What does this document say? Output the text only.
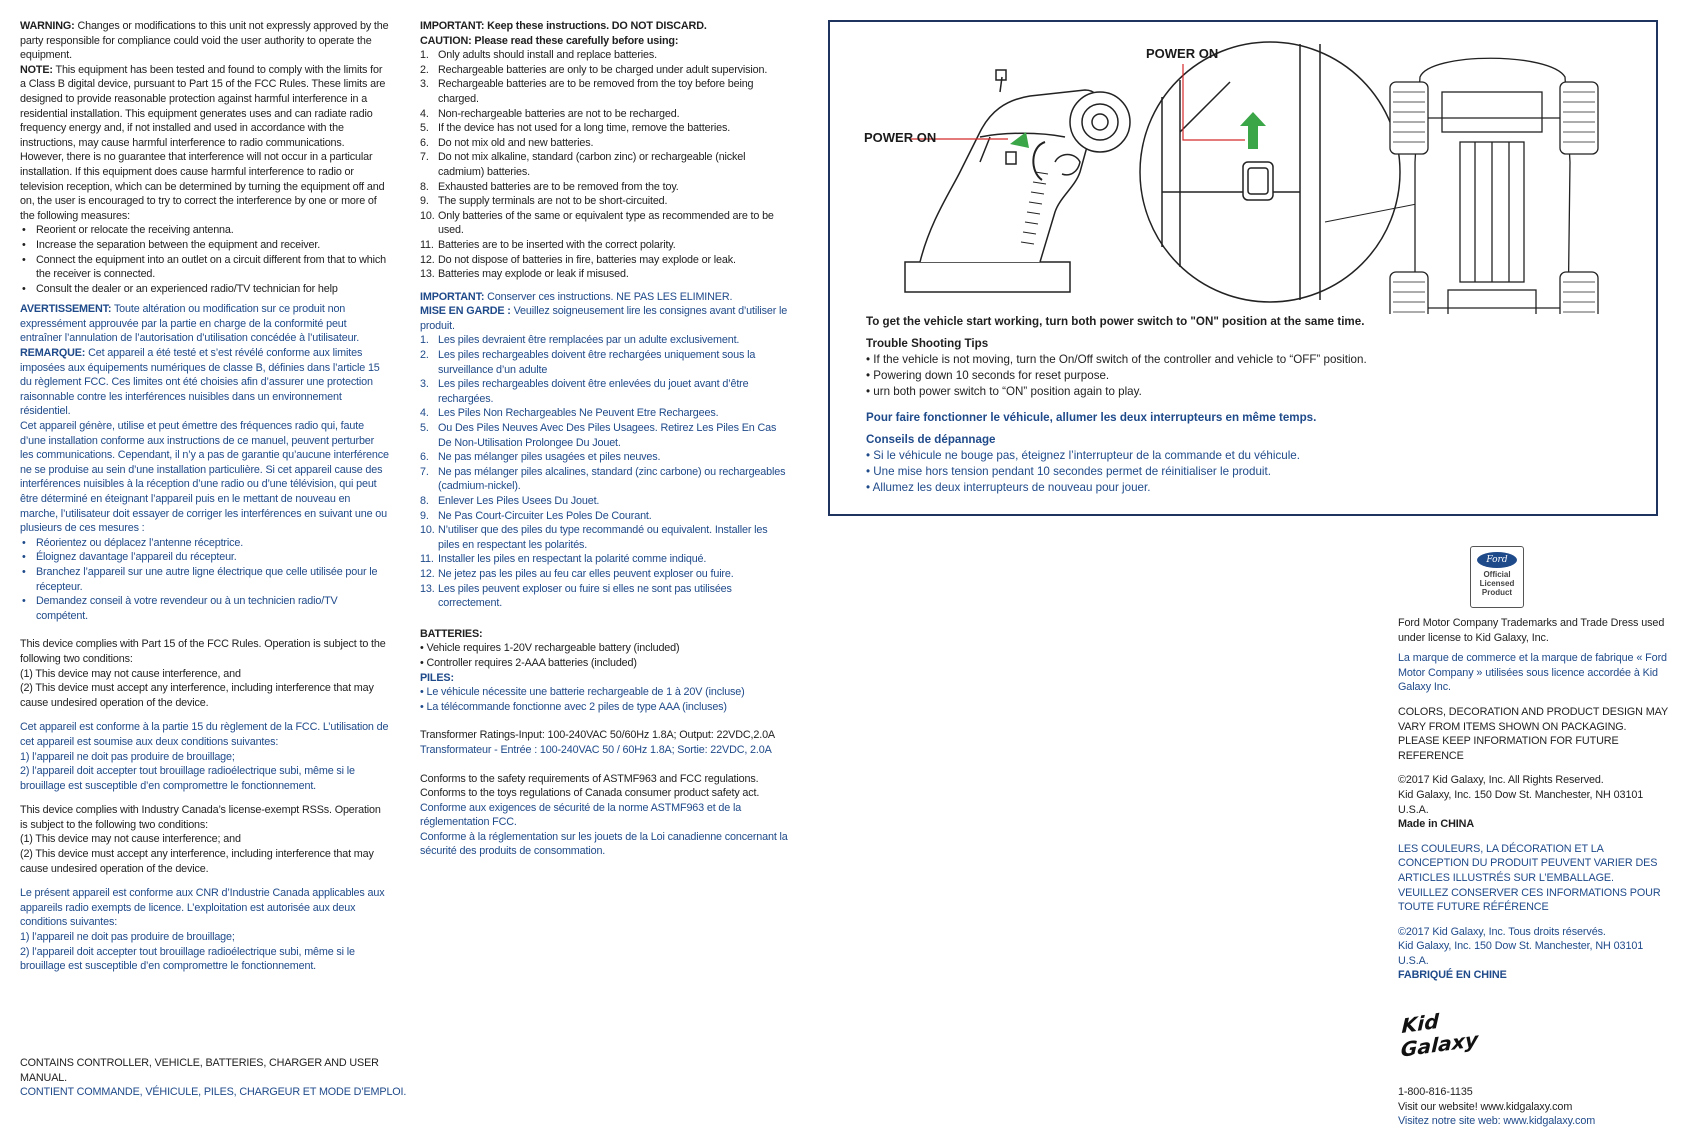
WARNING: Changes or modifications to this unit not expressly approved by the party responsible for compliance could void the user authority to operate the equipment.

NOTE: This equipment has been tested and found to comply with the limits for a Class B digital device, pursuant to Part 15 of the FCC Rules. These limits are designed to provide reasonable protection against harmful interference in a residential installation. This equipment generates uses and can radiate radio frequency energy and, if not installed and used in accordance with the instructions, may cause harmful interference to radio communications.

However, there is no guarantee that interference will not occur in a particular installation. If this equipment does cause harmful interference to radio or television reception, which can be determined by turning the equipment off and on, the user is encouraged to try to correct the interference by one or more of the following measures:

• Reorient or relocate the receiving antenna.

• Increase the separation between the equipment and receiver.

• Connect the equipment into an outlet on a circuit different from that to which the receiver is connected.

• Consult the dealer or an experienced radio/TV technician for help

AVERTISSEMENT: Toute altération ou modification sur ce produit non expressément approuvée par la partie en charge de la conformité peut entraîner l’annulation de l’autorisation d’utilisation concédée à l’utilisateur.

REMARQUE: Cet appareil a été testé et s’est révélé conforme aux limites imposées aux équipements numériques de classe B, définies dans l’article 15 du règlement FCC. Ces limites ont été choisies afin d’assurer une protection raisonnable contre les interférences nuisibles dans un environnement résidentiel.

Cet appareil génère, utilise et peut émettre des fréquences radio qui, faute d’une installation conforme aux instructions de ce manuel, peuvent perturber les communications. Cependant, il n’y a pas de garantie qu’aucune interférence ne se produise au sein d’une installation particulière. Si cet appareil cause des interférences nuisibles à la réception d’une radio ou d’une télévision, qui peut être déterminé en éteignant l’appareil puis en le mettant de nouveau en marche, l’utilisateur doit essayer de corriger les interférences en suivant une ou plusieurs de ces mesures :

• Réorientez ou déplacez l’antenne réceptrice.

• Éloignez davantage l’appareil du récepteur.

• Branchez l’appareil sur une autre ligne électrique que celle utilisée pour le récepteur.

• Demandez conseil à votre revendeur ou à un technicien radio/TV compétent.

This device complies with Part 15 of the FCC Rules. Operation is subject to the following two conditions:

(1) This device may not cause interference, and

(2) This device must accept any interference, including interference that may cause undesired operation of the device.

Cet appareil est conforme à la partie 15 du règlement de la FCC. L’utilisation de cet appareil est soumise aux deux conditions suivantes:

1) l’appareil ne doit pas produire de brouillage;

2) l’appareil doit accepter tout brouillage radioélectrique subi, même si le brouillage est susceptible d’en compromettre le fonctionnement.

This device complies with Industry Canada’s license-exempt RSSs. Operation is subject to the following two conditions:

(1) This device may not cause interference; and

(2) This device must accept any interference, including interference that may cause undesired operation of the device.

Le présent appareil est conforme aux CNR d’Industrie Canada applicables aux appareils radio exempts de licence. L’exploitation est autorisée aux deux conditions suivantes:

1) l’appareil ne doit pas produire de brouillage;

2) l’appareil doit accepter tout brouillage radioélectrique subi, même si le brouillage est susceptible d’en compromettre le fonctionnement.

CONTAINS CONTROLLER, VEHICLE, BATTERIES, CHARGER AND USER MANUAL.

CONTIENT COMMANDE, VÉHICULE, PILES, CHARGEUR ET MODE D’EMPLOI.

IMPORTANT: Keep these instructions. DO NOT DISCARD.

CAUTION: Please read these carefully before using:

1. Only adults should install and replace batteries.

2. Rechargeable batteries are only to be charged under adult supervision.

3. Rechargeable batteries are to be removed from the toy before being charged.

4. Non-rechargeable batteries are not to be recharged.

5. If the device has not used for a long time, remove the batteries.

6. Do not mix old and new batteries.

7. Do not mix alkaline, standard (carbon zinc) or rechargeable (nickel cadmium) batteries.

8. Exhausted batteries are to be removed from the toy.

9. The supply terminals are not to be short-circuited.

10. Only batteries of the same or equivalent type as recommended are to be used.

11. Batteries are to be inserted with the correct polarity.

12. Do not dispose of batteries in fire, batteries may explode or leak.

13. Batteries may explode or leak if misused.

IMPORTANT: Conserver ces instructions. NE PAS LES ELIMINER.

MISE EN GARDE : Veuillez soigneusement lire les consignes avant d’utiliser le produit.

1. Les piles devraient être remplacées par un adulte exclusivement.

2. Les piles rechargeables doivent être rechargées uniquement sous la surveillance d’un adulte

3. Les piles rechargeables doivent être enlevées du jouet avant d’être rechargées.

4. Les Piles Non Rechargeables Ne Peuvent Etre Rechargees.

5. Ou Des Piles Neuves Avec Des Piles Usagees. Retirez Les Piles En Cas De Non-Utilisation Prolongee Du Jouet.

6. Ne pas mélanger piles usagées et piles neuves.

7. Ne pas mélanger piles alcalines, standard (zinc carbone) ou rechargeables (cadmium-nickel).

8. Enlever Les Piles Usees Du Jouet.

9. Ne Pas Court-Circuiter Les Poles De Courant.

10. N’utiliser que des piles du type recommandé ou equivalent. Installer les piles en respectant les polarités.

11. Installer les piles en respectant la polarité comme indiqué.

12. Ne jetez pas les piles au feu car elles peuvent exploser ou fuire.

13. Les piles peuvent exploser ou fuire si elles ne sont pas utilisées correctement.

BATTERIES:

• Vehicle requires 1-20V rechargeable battery (included)

• Controller requires 2-AAA batteries (included)

PILES:

• Le véhicule nécessite une batterie rechargeable de 1 à 20V (incluse)

• La télécommande fonctionne avec 2 piles de type AAA (incluses)

Transformer Ratings-Input: 100-240VAC 50/60Hz 1.8A; Output: 22VDC,2.0A

Transformateur - Entrée : 100-240VAC 50 / 60Hz 1.8A; Sortie: 22VDC, 2.0A

Conforms to the safety requirements of ASTMF963 and FCC regulations.

Conforms to the toys regulations of Canada consumer product safety act.

Conforme aux exigences de sécurité de la norme ASTMF963 et de la réglementation FCC.

Conforme à la réglementation sur les jouets de la Loi canadienne concernant la sécurité des produits de consommation.

POWER ON
POWER ON

To get the vehicle start working, turn both power switch to "ON" position at the same time.

Trouble Shooting Tips

• If the vehicle is not moving, turn the On/Off switch of the controller and vehicle to “OFF” position.

• Powering down 10 seconds for reset purpose.

• urn both power switch to “ON” position again to play.

Pour faire fonctionner le véhicule, allumer les deux interrupteurs en même temps.

Conseils de dépannage

• Si le véhicule ne bouge pas, éteignez l’interrupteur de la commande et du véhicule.

• Une mise hors tension pendant 10 secondes permet de réinitialiser le produit.

• Allumez les deux interrupteurs de nouveau pour jouer.

Ford
Official
Licensed
Product

Ford Motor Company Trademarks and Trade Dress used under license to Kid Galaxy, Inc.

La marque de commerce et la marque de fabrique « Ford Motor Company » utilisées sous licence accordée à Kid Galaxy Inc.

COLORS, DECORATION AND PRODUCT DESIGN MAY VARY FROM ITEMS SHOWN ON PACKAGING.

PLEASE KEEP INFORMATION FOR FUTURE REFERENCE

©2017 Kid Galaxy, Inc. All Rights Reserved.

Kid Galaxy, Inc. 150 Dow St. Manchester, NH 03101 U.S.A.

Made in CHINA

LES COULEURS, LA DÉCORATION ET LA CONCEPTION DU PRODUIT PEUVENT VARIER DES ARTICLES ILLUSTRÉS SUR L’EMBALLAGE.

VEUILLEZ CONSERVER CES INFORMATIONS POUR TOUTE FUTURE RÉFÉRENCE

©2017 Kid Galaxy, Inc. Tous droits réservés.

Kid Galaxy, Inc. 150 Dow St. Manchester, NH 03101 U.S.A.

FABRIQUÉ EN CHINE

Kid Galaxy

1-800-816-1135

Visit our website! www.kidgalaxy.com

Visitez notre site web: www.kidgalaxy.com
